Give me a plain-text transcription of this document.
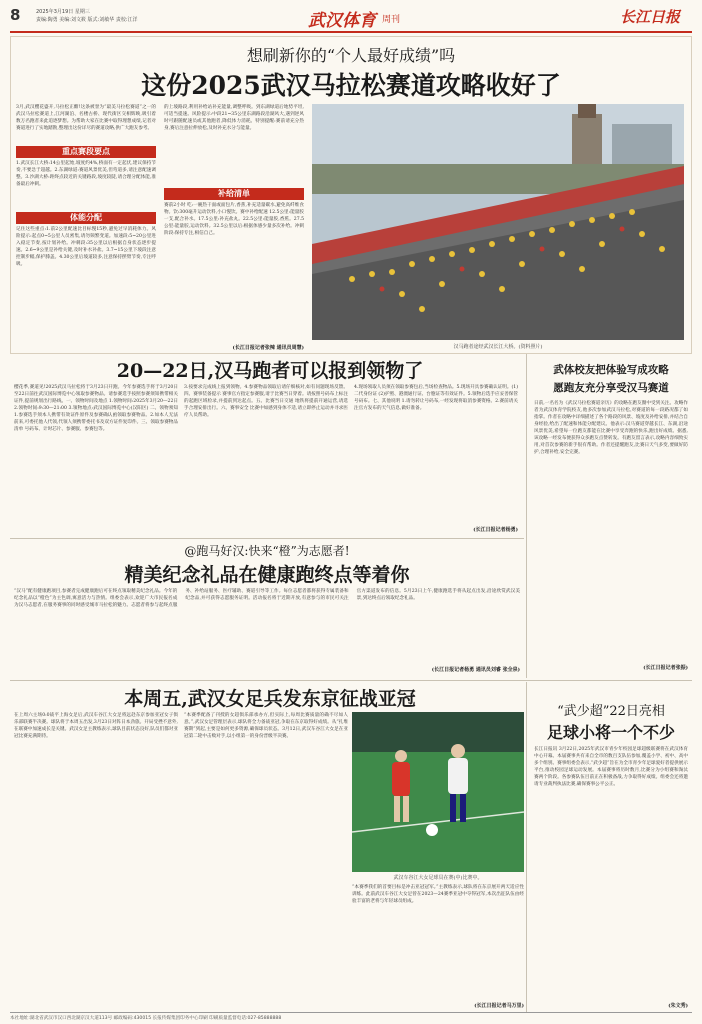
8	2025年3月19日 星期三
责编:陶勇 美编:刘文筱 版式:刘敏华 责校:江洋	武汉体育 周刊	长江日报
想刷新你的“个人最好成绩”吗
这份2025武汉马拉松赛道攻略收好了
3月,武汉樱花盛开,马拉松正酣!这条被誉为“最美马拉松赛道”之一的武汉马拉松赛道上,江河湖泊、名楼古桥、现代街区交相辉映,吸引着数万名跑者来此追逐梦想。为帮助大家在比赛中取得理想成绩,记者对赛道进行了实地踏勘,整理出这份详尽的赛道攻略,供广大跑友参考。
重点赛段要点
1.武汉长江大桥:14公里起始,坡度约4%,桥面有一定起伏,建议保持节奏,不要急于超越。2.东湖绿道:赛道风景优美,但弯道多,请注意配速调整。3.沙湖大桥:距终点较近的关键路段,坡度较陡,请合理分配体能,准备最后冲刺。
体能分配
记住这些重点:1.前2公里配速比目标慢15秒,避免过早消耗体力。风险提示:起点0~5公里人员密集,请勿频繁变道。加速段:5~20公里进入稳定节奏,按计划补给。冲刺段:35公里以后根据自身状态逐步提速。2.6~9公里是补给关键,及时补水补盐。3.7~15公里下坡段注意控制步幅,保护膝盖。4.30公里后坡道较多,注意保持摆臂节奏,专注呼吸。
的上坡路段,利用补给站补充能量,调整呼吸。到东湖绿道后地势平坦,可适当提速。风险提示:中段21~35公里东湖路段沿湖风大,遇到逆风时可跟随配速员或其他跑者,降低体力消耗。特别提醒:赛前请充分热身,赛后注意拉伸放松,及时补充水分与能量。
补给清单
赛前2小时 吃:一碗热干面或面包片,香蕉,补充适量碳水,避免高纤维食物。饮:300毫升运动饮料,小口慢饮。赛中补给配速 12.5公里:能量胶一支,配合补水。17.5公里:补充盐丸。22.5公里:能量胶,香蕉。27.5公里:能量胶,运动饮料。32.5公里以后:根据体感少量多次补给。冲刺阶段:保持专注,相信自己。
(长江日报记者张辣 通讯员周慧)	汉马跑者途经武汉长江大桥。(资料照片)
20—22日,汉马跑者可以报到领物了
樱花季,赛道见!2025武汉马拉松将于3月23日开跑。今年参赛选手将于3月20日至22日前往武汉国际博览中心领取参赛物品。请参赛选手按照参赛须知携带相关证件,提前规划出行路线。一、领物时间及地点 1.领物时间:2025年3月20—22日 2.领物时间:9:30—21:00 3.领物地点:武汉国际博览中心(汉阳区) 二、领物须知 1.参赛选手须本人携带有效证件原件及参赛确认函领取参赛物品。2.如本人无法前来,可委托他人代领,代领人须携带委托书及双方证件复印件。三、领取参赛物品清单 号码布、计时芯片、参赛服、参赛包等。
3.按要求完成线上报到领物。4.参赛物品领取后请仔细核对,如有问题现场反馈。四、赛事装备提示 赛事官方指定参赛服,请于比赛当日穿着。请按照号码布上标注的起跑区域检录,并提前到达起点。五、比赛当日交通 地铁将提前开通运营,请选手合理安排出行。六、赛事安全 比赛中如感到身体不适,请立即停止运动并寻求医疗人员帮助。
4.现场领取人员须在领取参赛包后,当场检查物品。5.现场开具参赛确认证明。(1)二代身份证 (2)护照、港澳通行证、台胞证等有效证件。5.领物后选手应妥善保管号码布。七、其他说明 1.请勿转让号码布,一经发现将取消参赛资格。2.赛前请关注官方发布的天气信息,做好准备。
(长江日报记者杨勇)
武体校友把体验写成攻略
愿跑友充分享受汉马赛道
日前,一名名为《武汉马拉松赛道亲历》的攻略在跑友圈中受到关注。攻略作者为武汉体育学院校友,他多次参加武汉马拉松,对赛道的每一段路况都了如指掌。作者在攻略中详细描述了各个路段的风景、坡度及补给安排,并结合自身经验,给出了配速和体能分配建议。他表示:汉马赛道穿越长江、东湖,沿途风景优美,希望每一位跑友都能在比赛中享受奔跑的快乐,跑出好成绩。据悉,该攻略一经发布便获得众多跑友点赞转发。有跑友留言表示,攻略内容细致实用,对首次参赛的新手很有帮助。作者还提醒跑友,比赛日天气多变,要做好防护,合理补给,安全完赛。
(长江日报记者张振)
@跑马好汉:快来“橙”为志愿者!
精美纪念礼品在健康跑终点等着你
“汉马”配有健康跑项目,参赛者完成健康跑后可在终点领取精美纪念礼品。今年的纪念礼品以“橙色”为主色调,寓意活力与热情。组委会表示,欢迎广大市民报名成为汉马志愿者,在服务赛事的同时感受城市马拉松的魅力。志愿者将参与起终点服务、补给站服务、医疗辅助、赛道引导等工作。每位志愿者都将获得专属装备和纪念品,并可获得志愿服务证明。活动报名将于近期开放,有意参与的市民可关注官方渠道发布的信息。5月23日上午,健康跑选手将从起点出发,沿途欣赏武汉美景,到达终点后领取纪念礼品。
(长江日报记者杨勇 通讯员刘睿 张全泉)
本周五,武汉女足兵发东京征战亚冠
在上周六主场0:0战平上海女足后,武汉车谷江大女足将远赴东京参加亚冠女子俱乐部联赛半决赛。球队将于本周五出发,3月23日对阵日本劲旅。开局受挫不意外,在联赛中加速成长是关键。武汉女足主教练表示,球队目前状态良好,队员们都对亚冠比赛充满期待。
“本赛季配备了刊授的女超俱乐部承办方,但实际上,每周比赛质量的确不尽如人意。”,武汉女足管理层表示,球队将全力备战亚冠,争取在东京取得好成绩。从“扎堆赛期”到起,主要是如何更多资源,确保球员状态。3月12日,武汉车谷江大女足在亚冠第二轮中击败对手,以小组第一的身份晋级半决赛。
武汉车谷江大女足球员在赛(中)比赛中。
“本赛季我们的首要目标是冲击亚冠冠军。”主教练表示,球队将在东京展开两天适应性训练。此前武汉车谷江大女足曾在2023—24赛季亚冠中夺得冠军,本次出征队伍由经验丰富的老将与年轻球员组成。
(长江日报记者马万里)
“武少超”22日亮相
足球小将一个不少
长江日报讯 3月22日,2025年武汉市青少年校园足球超级联赛将在武汉体育中心开幕。本届赛事共有来自全市的数百支队伍参加,覆盖小学、初中、高中多个组别。赛事组委会表示,“武少超”旨在为全市青少年足球爱好者提供展示平台,推动校园足球运动发展。本届赛事将历时数月,比赛分为小组赛和淘汰赛两个阶段。各参赛队伍目前正在积极备战,力争取得好成绩。组委会还将邀请专业裁判执法比赛,确保赛事公平公正。
(朱文秀)
本社地址:湖北省武汉市汉口西北湖京汉大道113号 邮政编码:430015 长报传媒集团印务中心印刷 印刷质量监督电话:027-85888888
